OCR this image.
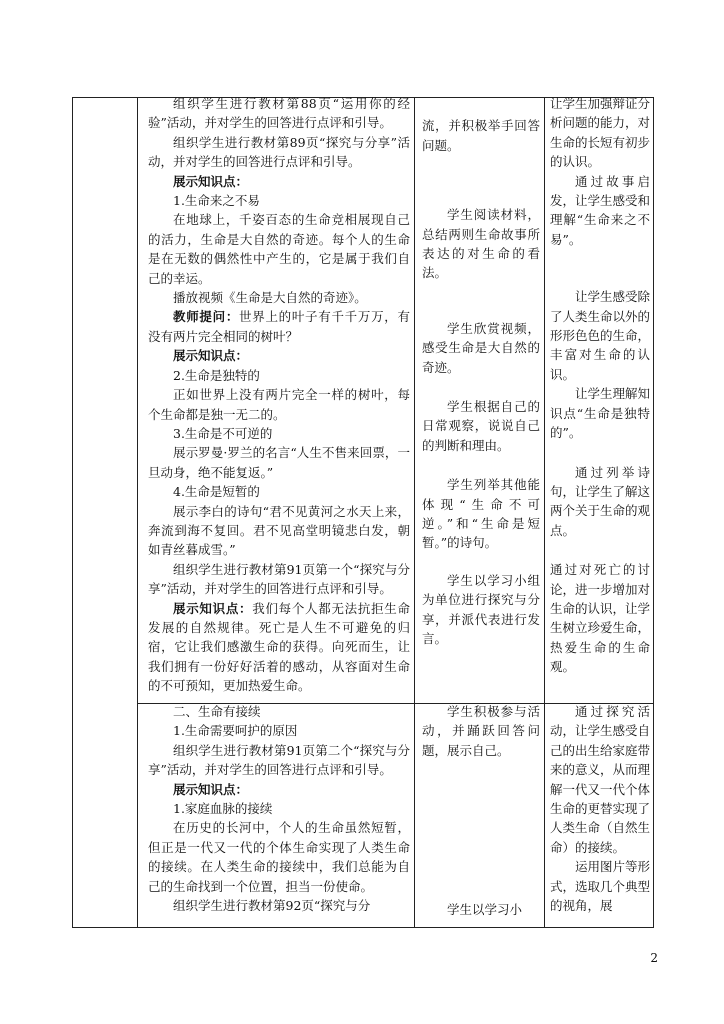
组织学生进行教材第88页“运用你的经验”活动，并对学生的回答进行点评和引导。

组织学生进行教材第89页“探究与分享”活动，并对学生的回答进行点评和引导。

展示知识点：

1.生命来之不易

在地球上，千姿百态的生命竞相展现自己的活力，生命是大自然的奇迹。每个人的生命是在无数的偶然性中产生的，它是属于我们自己的幸运。

播放视频《生命是大自然的奇迹》。

教师提问：世界上的叶子有千千万万，有没有两片完全相同的树叶？

展示知识点：

2.生命是独特的

正如世界上没有两片完全一样的树叶，每个生命都是独一无二的。

3.生命是不可逆的

展示罗曼·罗兰的名言“人生不售来回票，一旦动身，绝不能复返。”

4.生命是短暂的

展示李白的诗句“君不见黄河之水天上来，奔流到海不复回。君不见高堂明镜悲白发，朝如青丝暮成雪。”

组织学生进行教材第91页第一个“探究与分享”活动，并对学生的回答进行点评和引导。

展示知识点：我们每个人都无法抗拒生命发展的自然规律。死亡是人生不可避免的归宿，它让我们感激生命的获得。向死而生，让我们拥有一份好好活着的感动，从容面对生命的不可预知，更加热爱生命。

流，并积极举手回答问题。

学生阅读材料，总结两则生命故事所表达的对生命的看法。

学生欣赏视频，感受生命是大自然的奇迹。

学生根据自己的日常观察，说说自己的判断和理由。

学生列举其他能体现“生命不可逆。”和“生命是短暂。”的诗句。

学生以学习小组为单位进行探究与分享，并派代表进行发言。

让学生加强辩证分析问题的能力，对生命的长短有初步的认识。

通过故事启发，让学生感受和理解“生命来之不易”。

让学生感受除了人类生命以外的形形色色的生命，丰富对生命的认识。

让学生理解知识点“生命是独特的”。

通过列举诗句，让学生了解这两个关于生命的观点。

通过对死亡的讨论，进一步增加对生命的认识，让学生树立珍爱生命，热爱生命的生命观。

二、生命有接续

1.生命需要呵护的原因

组织学生进行教材第91页第二个“探究与分享”活动，并对学生的回答进行点评和引导。

展示知识点：

1.家庭血脉的接续

在历史的长河中，个人的生命虽然短暂，但正是一代又一代的个体生命实现了人类生命的接续。在人类生命的接续中，我们总能为自己的生命找到一个位置，担当一份使命。

组织学生进行教材第92页“探究与分

学生积极参与活动，并踊跃回答问题，展示自己。

学生以学习小

通过探究活动，让学生感受自己的出生给家庭带来的意义，从而理解一代又一代个体生命的更替实现了人类生命（自然生命）的接续。

运用图片等形式，选取几个典型的视角，展

2
